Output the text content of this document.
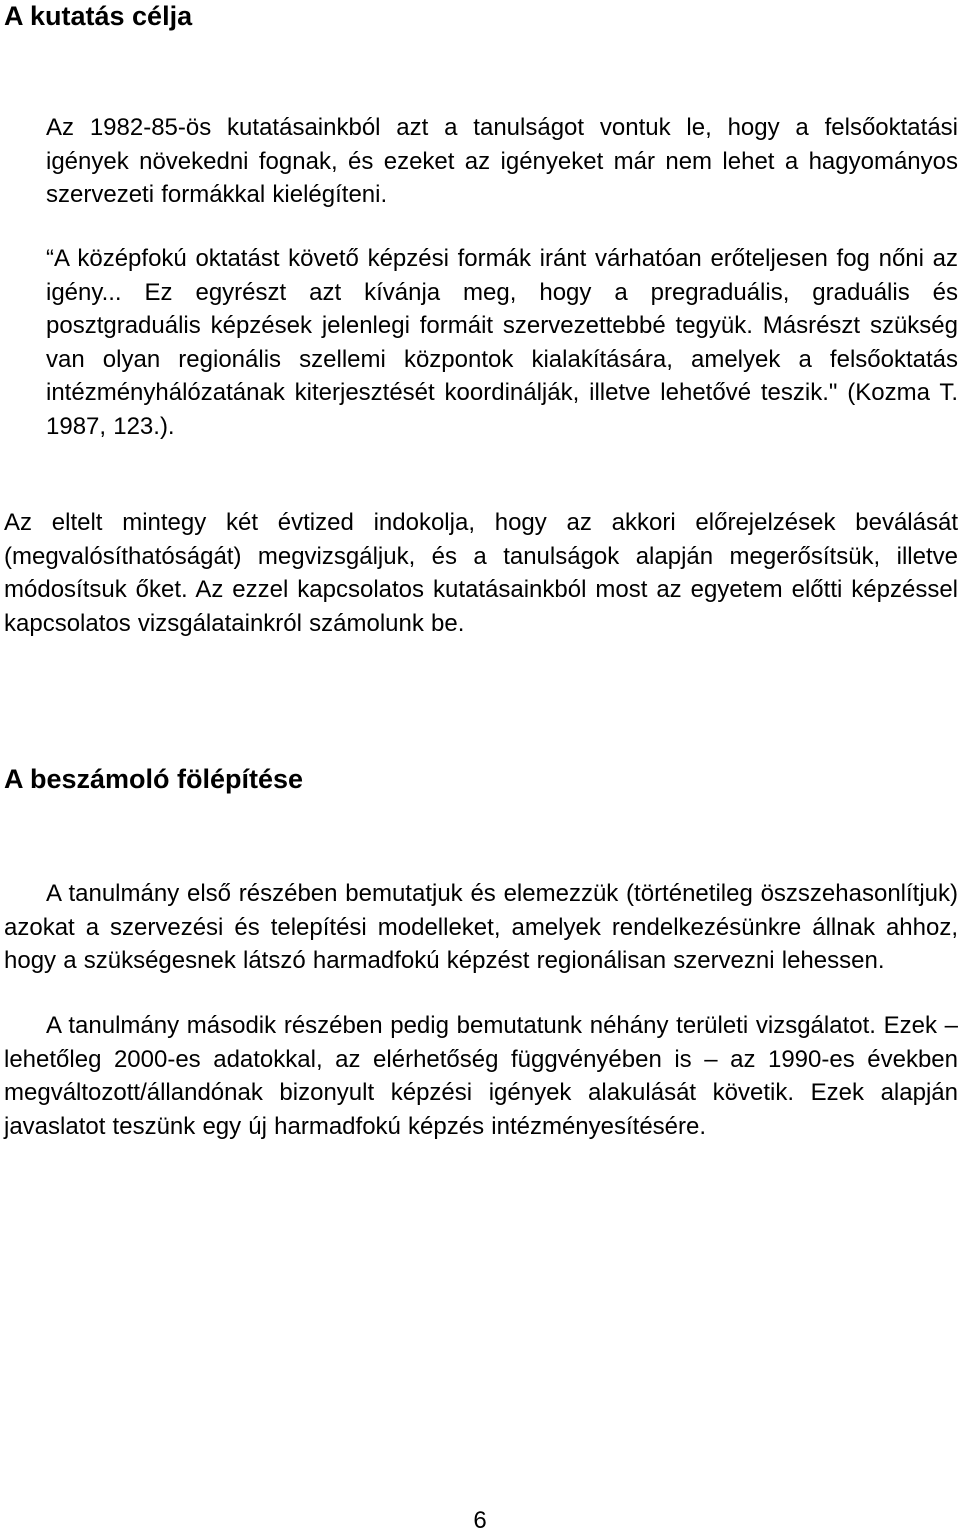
A kutatás célja

Az 1982-85-ös kutatásainkból azt a tanulságot vontuk le, hogy a felsőoktatási igények növekedni fognak, és ezeket az igényeket már nem lehet a hagyományos szervezeti formákkal kielégíteni.

“A középfokú oktatást követő képzési formák iránt várhatóan erőteljesen fog nőni az igény... Ez egyrészt azt kívánja meg, hogy a pregraduális, graduális és posztgraduális képzések jelenlegi formáit szervezettebbé tegyük. Másrészt szükség van olyan regionális szellemi központok kialakítására, amelyek a felsőoktatás intézményhálózatának kiterjesztését koordinálják, illetve lehetővé teszik." (Kozma T. 1987, 123.).

Az eltelt mintegy két évtized indokolja, hogy az akkori előrejelzések beválását (megvalósíthatóságát) megvizsgáljuk, és a tanulságok alapján megerősítsük, illetve módosítsuk őket. Az ezzel kapcsolatos kutatásainkból most az egyetem előtti képzéssel kapcsolatos vizsgálatainkról számolunk be.

A beszámoló fölépítése

A tanulmány első részében bemutatjuk és elemezzük (történetileg öszszehasonlítjuk) azokat a szervezési és telepítési modelleket, amelyek rendelkezésünkre állnak ahhoz, hogy a szükségesnek látszó harmadfokú képzést regionálisan szervezni lehessen.

A tanulmány második részében pedig bemutatunk néhány területi vizsgálatot. Ezek – lehetőleg 2000-es adatokkal, az elérhetőség függvényében is – az 1990-es években megváltozott/állandónak bizonyult képzési igények alakulását követik. Ezek alapján javaslatot teszünk egy új harmadfokú képzés intézményesítésére.

6
